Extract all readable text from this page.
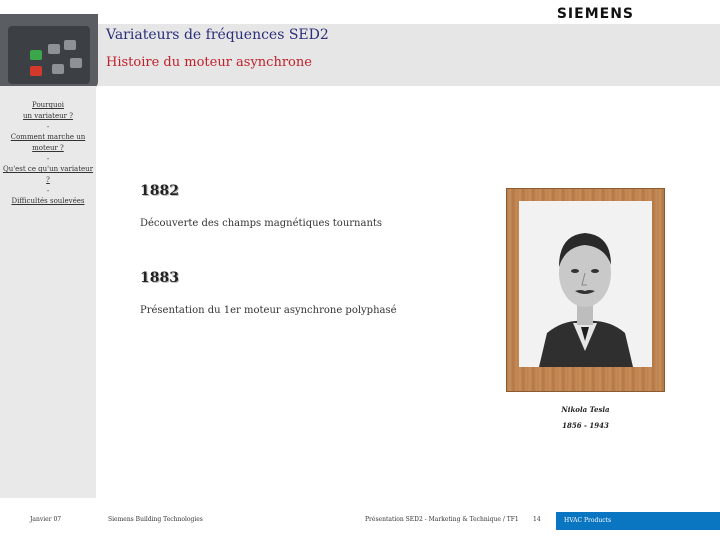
SIEMENS
Variateurs de fréquences SED2
Histoire du moteur asynchrone
Pourquoi
un variateur ?
-
Comment marche un
moteur ?
-
Qu'est ce qu'un variateur ?
-
Difficultés soulevées
1882
Découverte des champs magnétiques tournants
1883
Présentation du 1er moteur asynchrone polyphasé
Nikola Tesla
1856 - 1943
Janvier 07	Siemens Building Technologies	Présentation SED2 - Marketing & Technique / TF1 14	HVAC Products
